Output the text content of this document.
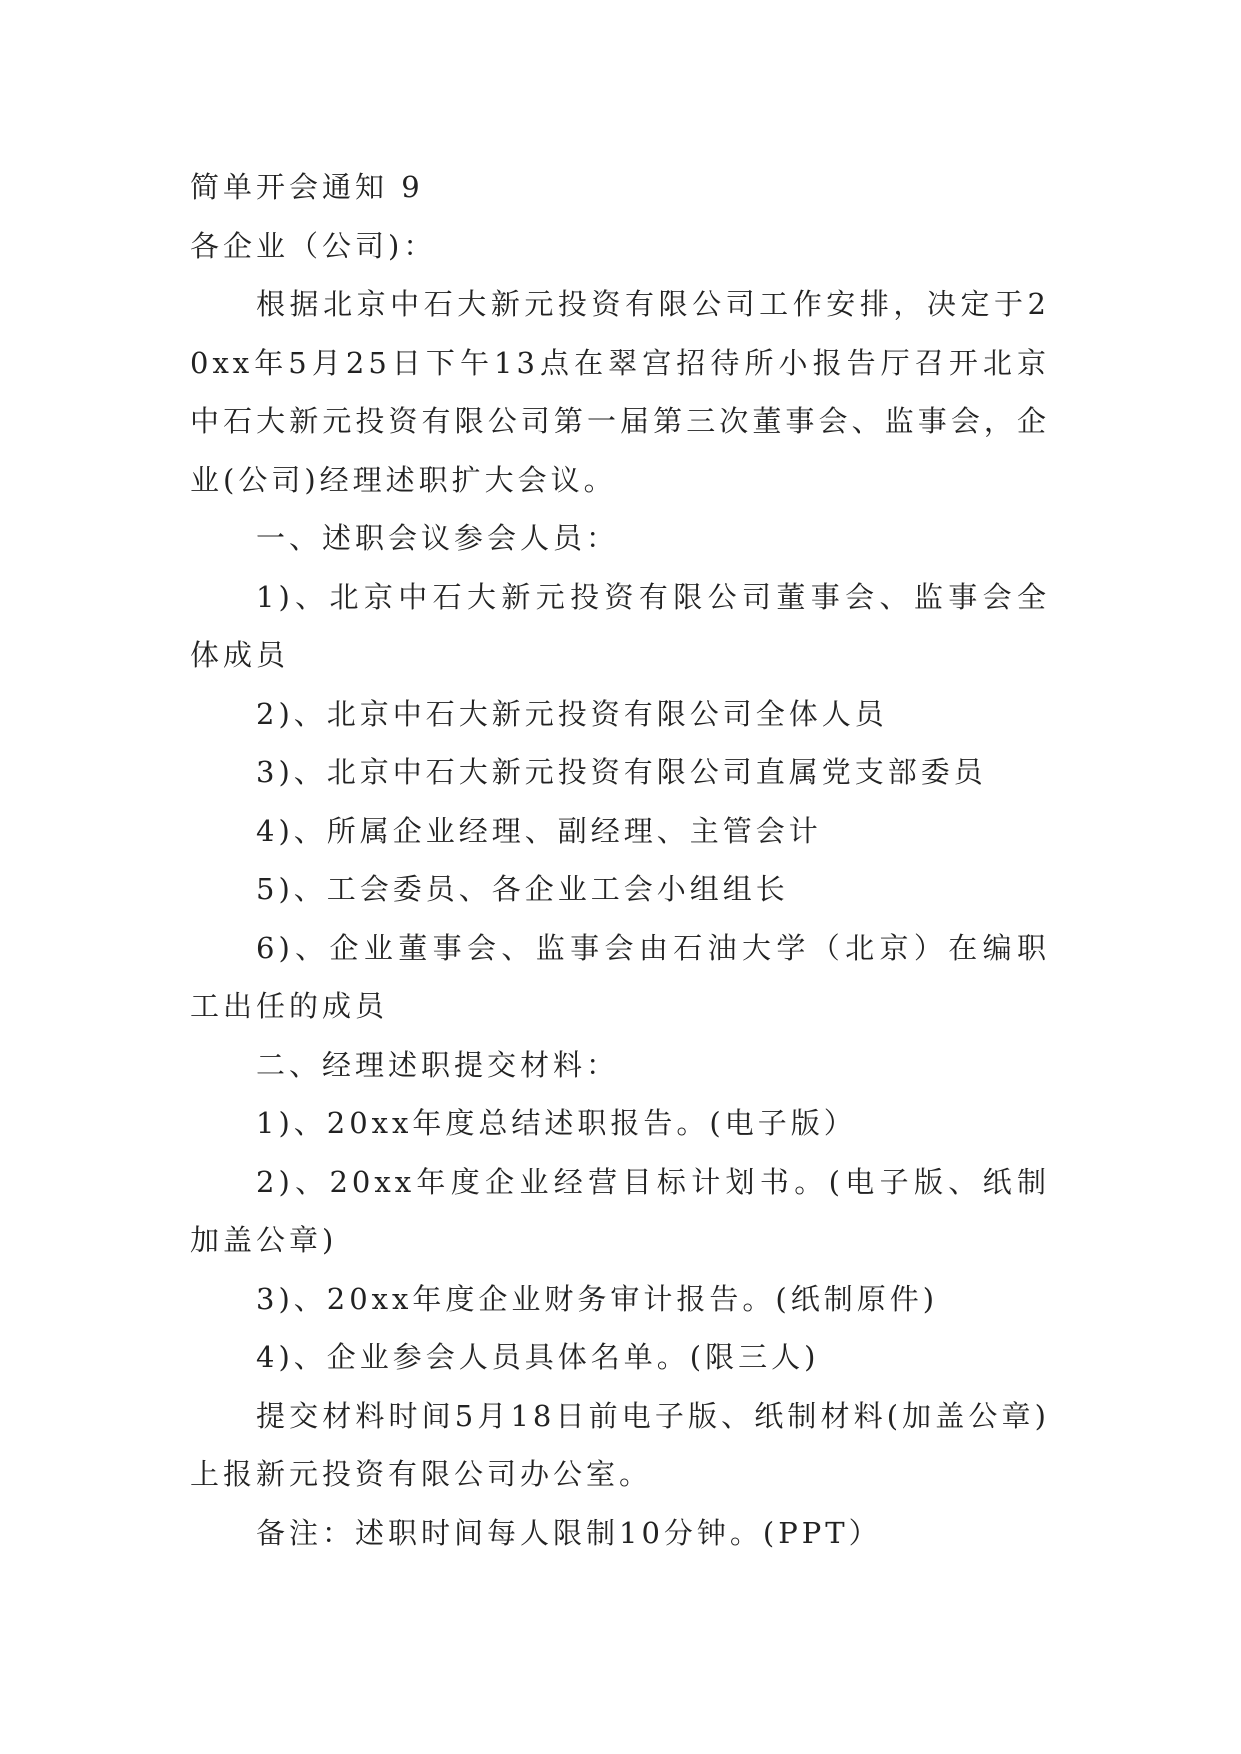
简单开会通知 9

各企业（公司)：

根据北京中石大新元投资有限公司工作安排，决定于20xx年5月25日下午13点在翠宫招待所小报告厅召开北京中石大新元投资有限公司第一届第三次董事会、监事会，企业(公司)经理述职扩大会议。

一、述职会议参会人员：

1)、北京中石大新元投资有限公司董事会、监事会全体成员

2)、北京中石大新元投资有限公司全体人员

3)、北京中石大新元投资有限公司直属党支部委员

4)、所属企业经理、副经理、主管会计

5)、工会委员、各企业工会小组组长

6)、企业董事会、监事会由石油大学（北京）在编职工出任的成员

二、经理述职提交材料：

1)、20xx年度总结述职报告。(电子版）

2)、20xx年度企业经营目标计划书。(电子版、纸制加盖公章)

3)、20xx年度企业财务审计报告。(纸制原件)

4)、企业参会人员具体名单。(限三人)

提交材料时间5月18日前电子版、纸制材料(加盖公章)上报新元投资有限公司办公室。

备注：述职时间每人限制10分钟。(PPT）
